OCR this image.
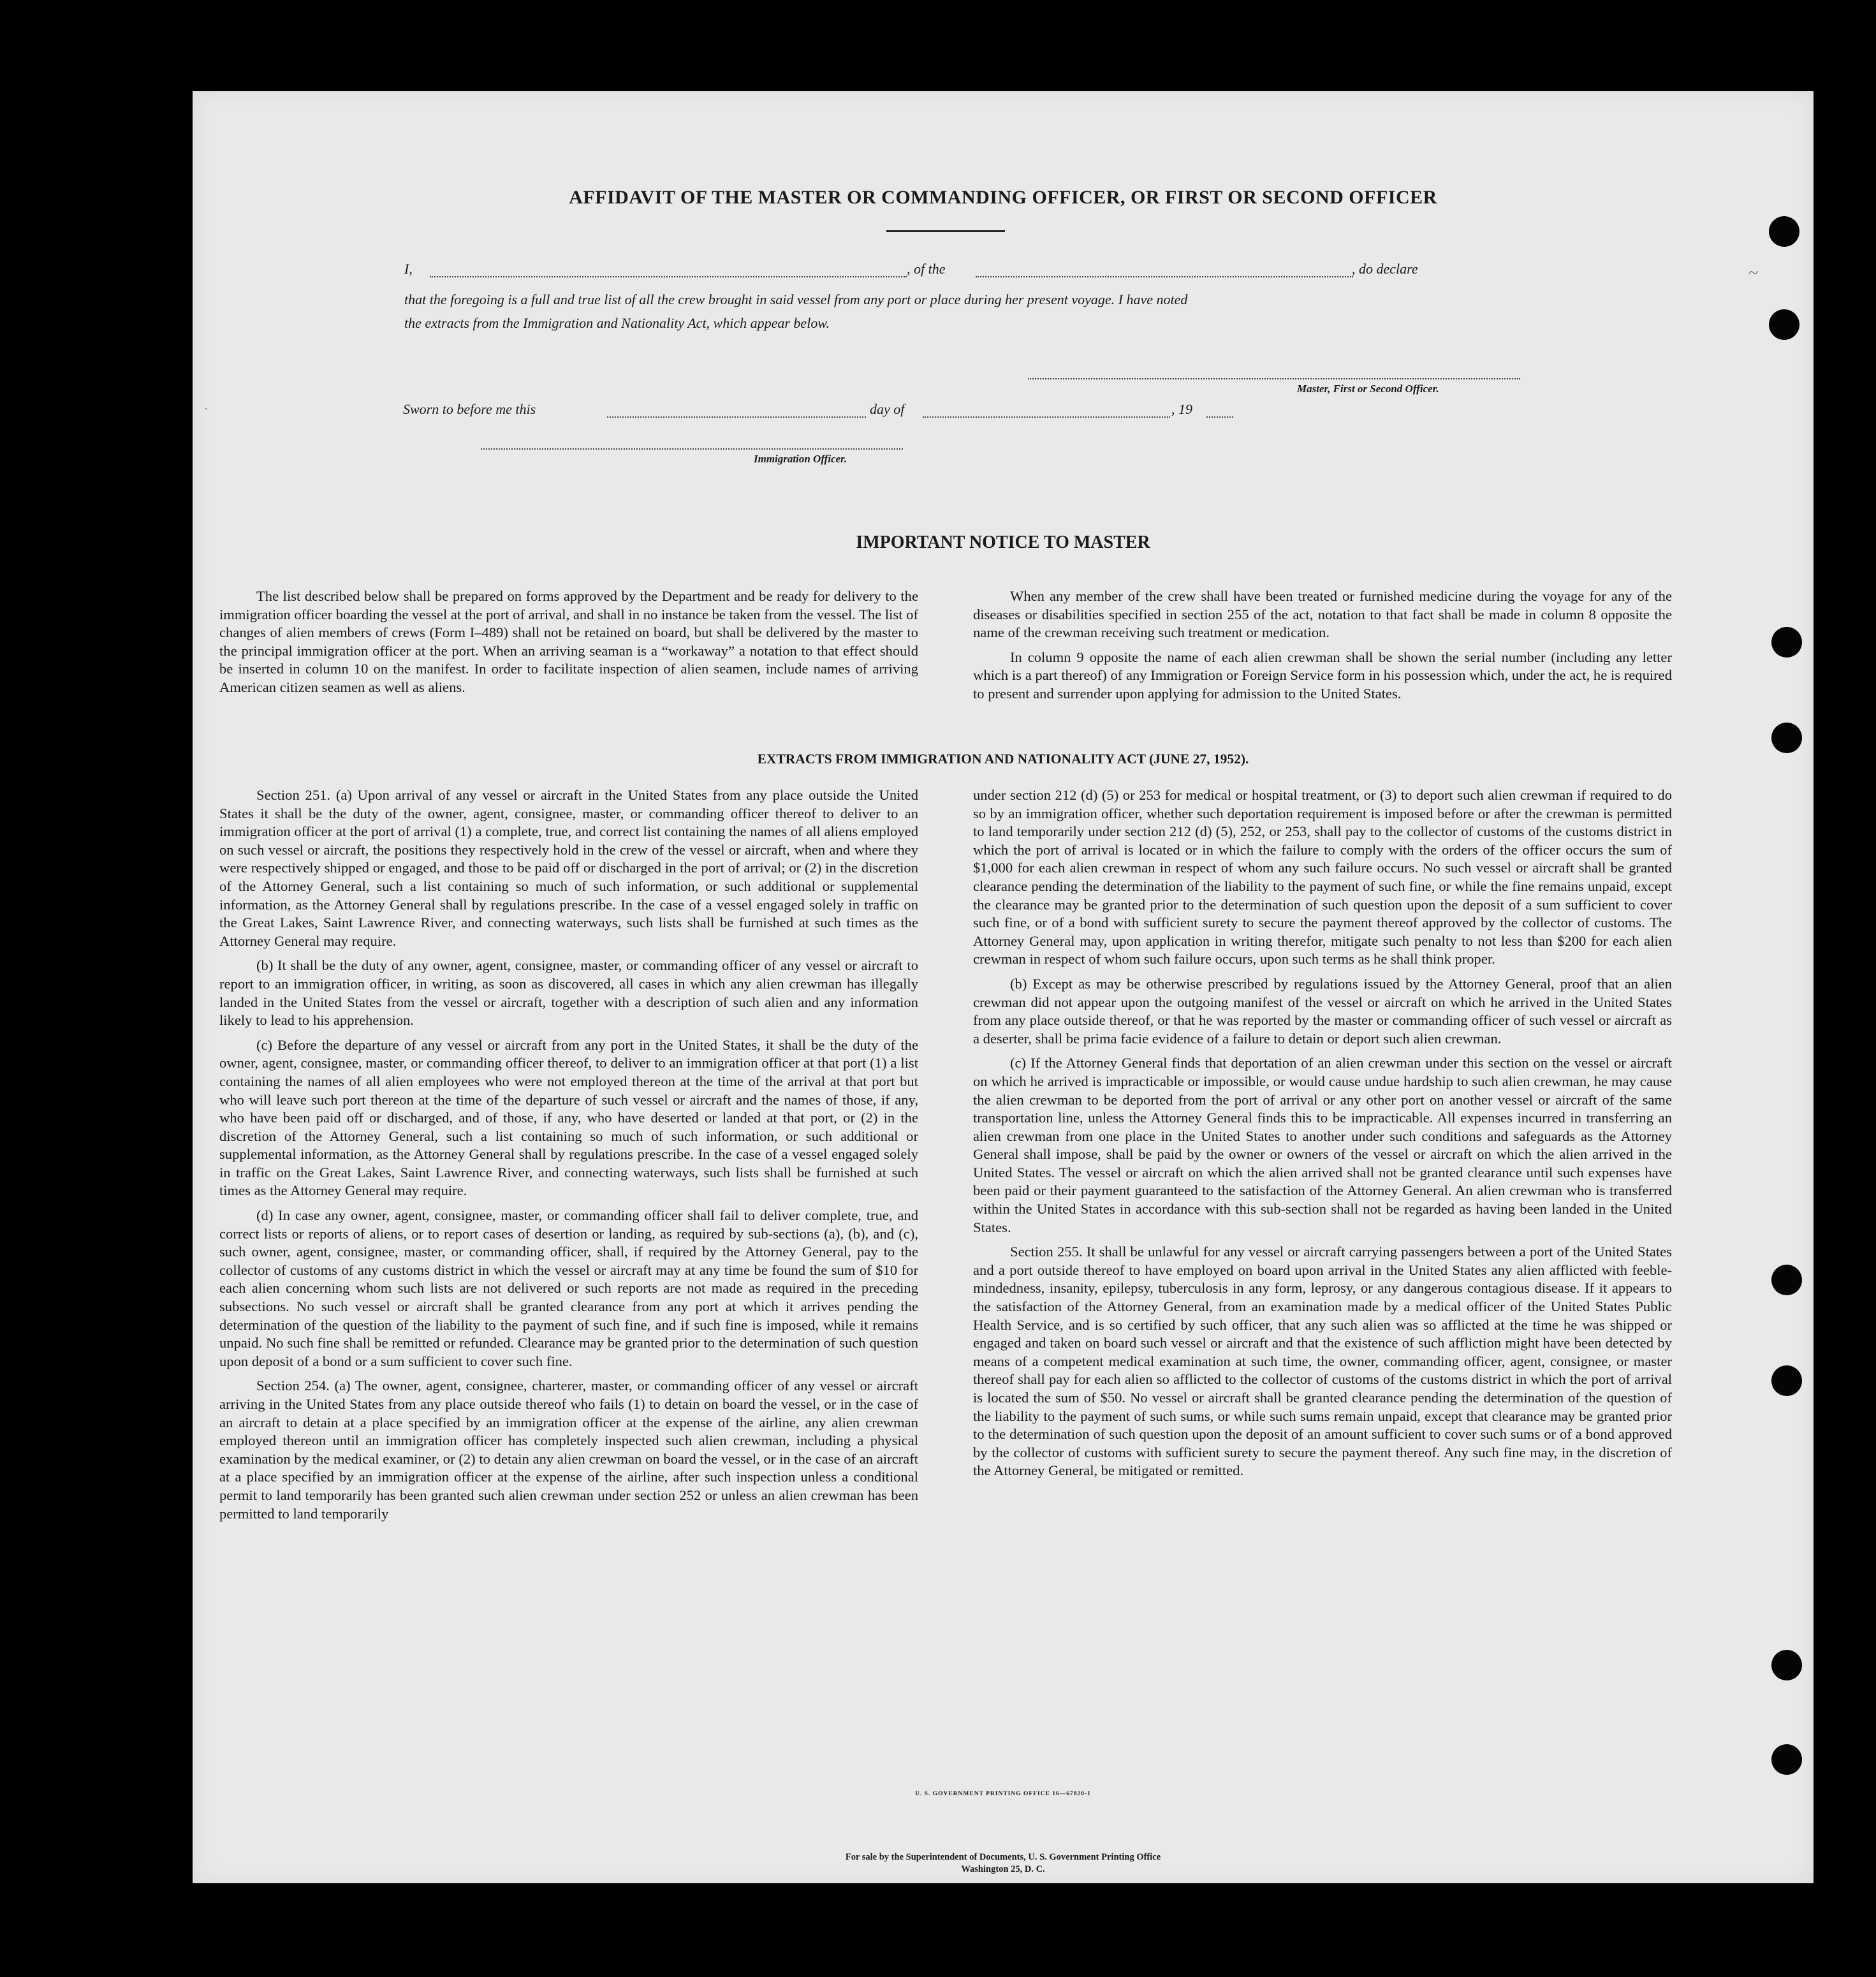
AFFIDAVIT OF THE MASTER OR COMMANDING OFFICER, OR FIRST OR SECOND OFFICER
I,	, of the	, do declare
that the foregoing is a full and true list of all the crew brought in said vessel from any port or place during her present voyage. I have noted
the extracts from the Immigration and Nationality Act, which appear below.
Master, First or Second Officer.
Sworn to before me this	day of	, 19
Immigration Officer.
IMPORTANT NOTICE TO MASTER

The list described below shall be prepared on forms approved by the Department and be ready for delivery to the immigration officer boarding the vessel at the port of arrival, and shall in no instance be taken from the vessel. The list of changes of alien members of crews (Form I–489) shall not be retained on board, but shall be delivered by the master to the principal immigration officer at the port. When an arriving seaman is a “workaway” a notation to that effect should be inserted in column 10 on the manifest. In order to facilitate inspection of alien seamen, include names of arriving American citizen seamen as well as aliens.

When any member of the crew shall have been treated or furnished medicine during the voyage for any of the diseases or disabilities specified in section 255 of the act, notation to that fact shall be made in column 8 opposite the name of the crewman receiving such treatment or medication.

In column 9 opposite the name of each alien crewman shall be shown the serial number (including any letter which is a part thereof) of any Immigration or Foreign Service form in his possession which, under the act, he is required to present and surrender upon applying for admission to the United States.

EXTRACTS FROM IMMIGRATION AND NATIONALITY ACT (JUNE 27, 1952).

Section 251. (a) Upon arrival of any vessel or aircraft in the United States from any place outside the United States it shall be the duty of the owner, agent, consignee, master, or commanding officer thereof to deliver to an immigration officer at the port of arrival (1) a complete, true, and correct list containing the names of all aliens employed on such vessel or aircraft, the positions they respectively hold in the crew of the vessel or aircraft, when and where they were respectively shipped or engaged, and those to be paid off or discharged in the port of arrival; or (2) in the discretion of the Attorney General, such a list containing so much of such information, or such additional or supplemental information, as the Attorney General shall by regulations prescribe. In the case of a vessel engaged solely in traffic on the Great Lakes, Saint Lawrence River, and connecting waterways, such lists shall be furnished at such times as the Attorney General may require.

(b) It shall be the duty of any owner, agent, consignee, master, or commanding officer of any vessel or aircraft to report to an immigration officer, in writing, as soon as discovered, all cases in which any alien crewman has illegally landed in the United States from the vessel or aircraft, together with a description of such alien and any information likely to lead to his apprehension.

(c) Before the departure of any vessel or aircraft from any port in the United States, it shall be the duty of the owner, agent, consignee, master, or commanding officer thereof, to deliver to an immigration officer at that port (1) a list containing the names of all alien employees who were not employed thereon at the time of the arrival at that port but who will leave such port thereon at the time of the departure of such vessel or aircraft and the names of those, if any, who have been paid off or discharged, and of those, if any, who have deserted or landed at that port, or (2) in the discretion of the Attorney General, such a list containing so much of such information, or such additional or supplemental information, as the Attorney General shall by regulations prescribe. In the case of a vessel engaged solely in traffic on the Great Lakes, Saint Lawrence River, and connecting waterways, such lists shall be furnished at such times as the Attorney General may require.

(d) In case any owner, agent, consignee, master, or commanding officer shall fail to deliver complete, true, and correct lists or reports of aliens, or to report cases of desertion or landing, as required by sub-sections (a), (b), and (c), such owner, agent, consignee, master, or commanding officer, shall, if required by the Attorney General, pay to the collector of customs of any customs district in which the vessel or aircraft may at any time be found the sum of $10 for each alien concerning whom such lists are not delivered or such reports are not made as required in the preceding subsections. No such vessel or aircraft shall be granted clearance from any port at which it arrives pending the determination of the question of the liability to the payment of such fine, and if such fine is imposed, while it remains unpaid. No such fine shall be remitted or refunded. Clearance may be granted prior to the determination of such question upon deposit of a bond or a sum sufficient to cover such fine.

Section 254. (a) The owner, agent, consignee, charterer, master, or commanding officer of any vessel or aircraft arriving in the United States from any place outside thereof who fails (1) to detain on board the vessel, or in the case of an aircraft to detain at a place specified by an immigration officer at the expense of the airline, any alien crewman employed thereon until an immigration officer has completely inspected such alien crewman, including a physical examination by the medical examiner, or (2) to detain any alien crewman on board the vessel, or in the case of an aircraft at a place specified by an immigration officer at the expense of the airline, after such inspection unless a conditional permit to land temporarily has been granted such alien crewman under section 252 or unless an alien crewman has been permitted to land temporarily

under section 212 (d) (5) or 253 for medical or hospital treatment, or (3) to deport such alien crewman if required to do so by an immigration officer, whether such deportation requirement is imposed before or after the crewman is permitted to land temporarily under section 212 (d) (5), 252, or 253, shall pay to the collector of customs of the customs district in which the port of arrival is located or in which the failure to comply with the orders of the officer occurs the sum of $1,000 for each alien crewman in respect of whom any such failure occurs. No such vessel or aircraft shall be granted clearance pending the determination of the liability to the payment of such fine, or while the fine remains unpaid, except the clearance may be granted prior to the determination of such question upon the deposit of a sum sufficient to cover such fine, or of a bond with sufficient surety to secure the payment thereof approved by the collector of customs. The Attorney General may, upon application in writing therefor, mitigate such penalty to not less than $200 for each alien crewman in respect of whom such failure occurs, upon such terms as he shall think proper.

(b) Except as may be otherwise prescribed by regulations issued by the Attorney General, proof that an alien crewman did not appear upon the outgoing manifest of the vessel or aircraft on which he arrived in the United States from any place outside thereof, or that he was reported by the master or commanding officer of such vessel or aircraft as a deserter, shall be prima facie evidence of a failure to detain or deport such alien crewman.

(c) If the Attorney General finds that deportation of an alien crewman under this section on the vessel or aircraft on which he arrived is impracticable or impossible, or would cause undue hardship to such alien crewman, he may cause the alien crewman to be deported from the port of arrival or any other port on another vessel or aircraft of the same transportation line, unless the Attorney General finds this to be impracticable. All expenses incurred in transferring an alien crewman from one place in the United States to another under such conditions and safeguards as the Attorney General shall impose, shall be paid by the owner or owners of the vessel or aircraft on which the alien arrived in the United States. The vessel or aircraft on which the alien arrived shall not be granted clearance until such expenses have been paid or their payment guaranteed to the satisfaction of the Attorney General. An alien crewman who is transferred within the United States in accordance with this sub-section shall not be regarded as having been landed in the United States.

Section 255. It shall be unlawful for any vessel or aircraft carrying passengers between a port of the United States and a port outside thereof to have employed on board upon arrival in the United States any alien afflicted with feeble-mindedness, insanity, epilepsy, tuberculosis in any form, leprosy, or any dangerous contagious disease. If it appears to the satisfaction of the Attorney General, from an examination made by a medical officer of the United States Public Health Service, and is so certified by such officer, that any such alien was so afflicted at the time he was shipped or engaged and taken on board such vessel or aircraft and that the existence of such affliction might have been detected by means of a competent medical examination at such time, the owner, commanding officer, agent, consignee, or master thereof shall pay for each alien so afflicted to the collector of customs of the customs district in which the port of arrival is located the sum of $50. No vessel or aircraft shall be granted clearance pending the determination of the question of the liability to the payment of such sums, or while such sums remain unpaid, except that clearance may be granted prior to the determination of such question upon the deposit of an amount sufficient to cover such sums or of a bond approved by the collector of customs with sufficient surety to secure the payment thereof. Any such fine may, in the discretion of the Attorney General, be mitigated or remitted.

U. S. GOVERNMENT PRINTING OFFICE 16—67820-1
For sale by the Superintendent of Documents, U. S. Government Printing Office
Washington 25, D. C.
~
·
